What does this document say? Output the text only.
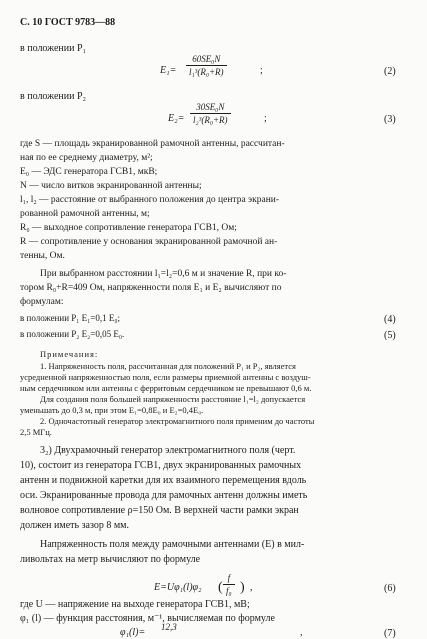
С. 10 ГОСТ 9783—88
в положении P₁
E₁=
60SE₀N
l₁³(R₀+R)	;	(2)
в положении P₂
E₂=
30SE₀N
l₂³(R₀+R)	;	(3)
где S — площадь экранированной рамочной антенны, рассчитан-
ная по ее среднему диаметру, м²;
E₀ — ЭДС генератора ГСВ1, мкВ;
N — число витков экранированной антенны;
l₁, l₂ — расстояние от выбранного положения до центра экрани-
рованной рамочной антенны, м;
R₀ — выходное сопротивление генератора ГСВ1, Ом;
R — сопротивление у основания экранированной рамочной ан-
тенны, Ом.
При выбранном расстоянии l₁=l₂=0,6 м и значение R, при ко-
тором R₀+R=409 Ом, напряженности поля E₁ и E₂ вычисляют по
формулам:
в положении P₁ E₁=0,1 E₀;	(4)
в положении P₂ E₂=0,05 E₀.	(5)
Примечания:
1. Напряженность поля, рассчитанная для положений P₁ и P₂, является
усредненной напряженностью поля, если размеры приемной антенны с воздуш-
ным сердечником или антенны с ферритовым сердечником не превышают 0,6 м.
Для создания поля большей напряженности расстояние l₁=l₂ допускается
уменьшать до 0,3 м, при этом E₁=0,8E₀ и E₂=0,4E₀.
2. Одночастотный генератор электромагнитного поля применим до частоты
2,5 МГц.
3₂) Двухрамочный генератор электромагнитного поля (черт.
10), состоит из генератора ГСВ1, двух экранированных рамочных
антенн и подвижной кaретки для их взаимного перемещения вдоль
оси. Экранированные провода для рамочных антенн должны иметь
волновое сопротивление ρ=150 Ом. В верхней части рамки экран
должен иметь зазор 8 мм.
Напряженность поля между рамочными антеннами (E) в мил-
ливольтах на метр вычисляют по формуле
E=Uφ₁(l)φ₂ (
f
f₀ ) ,	(6)
где U — напряжение на выходе генератора ГСВ1, мВ;
φ₁ (l) — функция расстояния, м⁻¹, вычисляемая по формуле
φ₁(l)=	12,3	,	(7)
